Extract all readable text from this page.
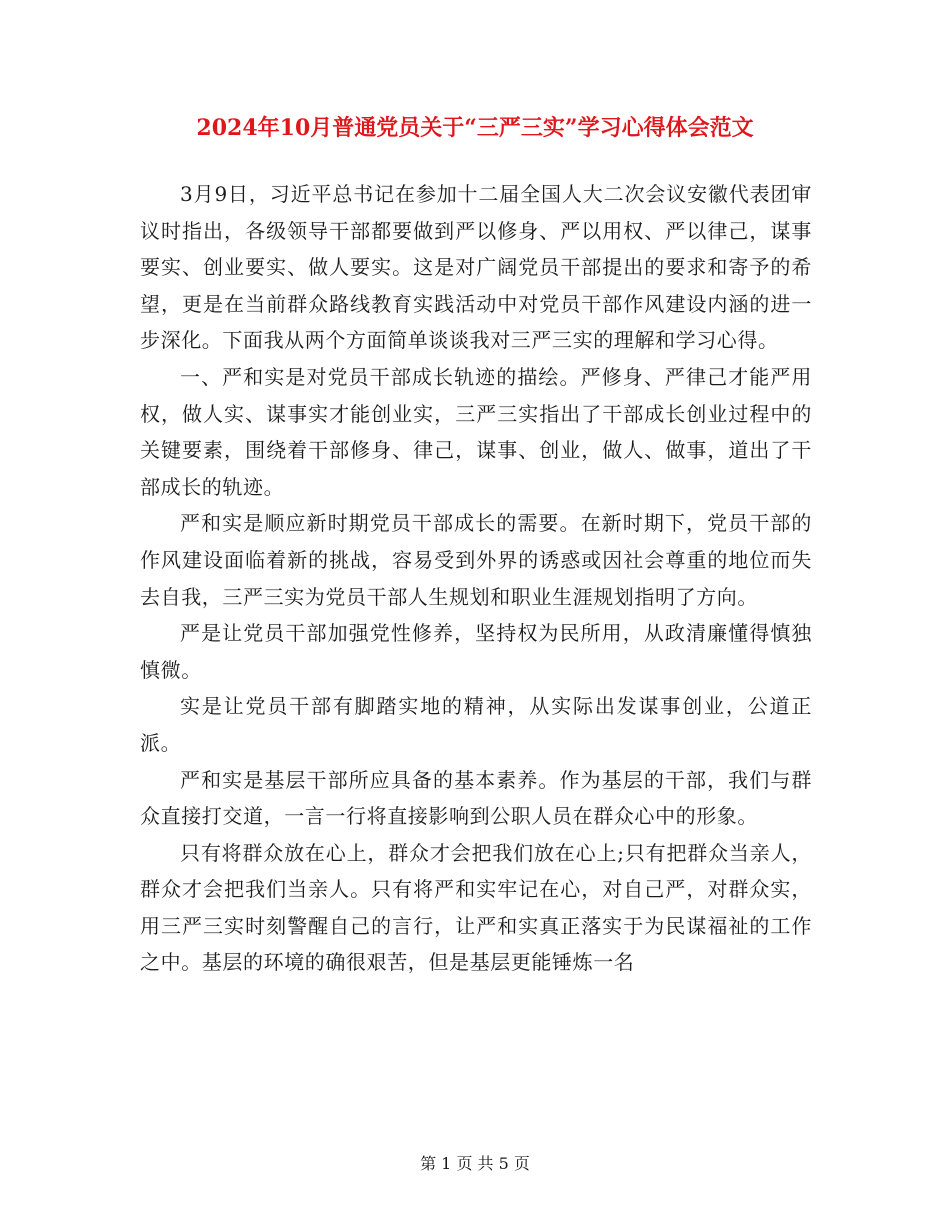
2024年10月普通党员关于“三严三实”学习心得体会范文

3月9日，习近平总书记在参加十二届全国人大二次会议安徽代表团审议时指出，各级领导干部都要做到严以修身、严以用权、严以律己，谋事要实、创业要实、做人要实。这是对广阔党员干部提出的要求和寄予的希望，更是在当前群众路线教育实践活动中对党员干部作风建设内涵的进一步深化。下面我从两个方面简单谈谈我对三严三实的理解和学习心得。

一、严和实是对党员干部成长轨迹的描绘。严修身、严律己才能严用权，做人实、谋事实才能创业实，三严三实指出了干部成长创业过程中的关键要素，围绕着干部修身、律己，谋事、创业，做人、做事，道出了干部成长的轨迹。

严和实是顺应新时期党员干部成长的需要。在新时期下，党员干部的作风建设面临着新的挑战，容易受到外界的诱惑或因社会尊重的地位而失去自我，三严三实为党员干部人生规划和职业生涯规划指明了方向。

严是让党员干部加强党性修养，坚持权为民所用，从政清廉懂得慎独慎微。

实是让党员干部有脚踏实地的精神，从实际出发谋事创业，公道正派。

严和实是基层干部所应具备的基本素养。作为基层的干部，我们与群众直接打交道，一言一行将直接影响到公职人员在群众心中的形象。

只有将群众放在心上，群众才会把我们放在心上;只有把群众当亲人，群众才会把我们当亲人。只有将严和实牢记在心，对自己严，对群众实，用三严三实时刻警醒自己的言行，让严和实真正落实于为民谋福祉的工作之中。基层的环境的确很艰苦，但是基层更能锤炼一名

第 1 页 共 5 页
